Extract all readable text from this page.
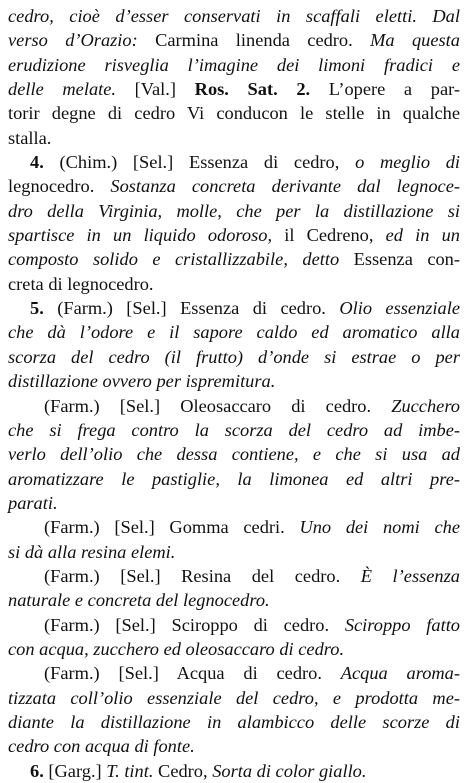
cedro, cioè d’esser conservati in scaffali eletti. Dal
verso d’Orazio: Carmina linenda cedro. Ma questa
erudizione risveglia l’imagine dei limoni fradici e
delle melate. [Val.] Ros. Sat. 2. L’opere a par-
torir degne di cedro Vi conducon le stelle in qualche
stalla.
4. (Chim.) [Sel.] Essenza di cedro, o meglio di
legnocedro. Sostanza concreta derivante dal legnoce-
dro della Virginia, molle, che per la distillazione si
spartisce in un liquido odoroso, il Cedreno, ed in un
composto solido e cristallizzabile, detto Essenza con-
creta di legnocedro.
5. (Farm.) [Sel.] Essenza di cedro. Olio essenziale
che dà l’odore e il sapore caldo ed aromatico alla
scorza del cedro (il frutto) d’onde si estrae o per
distillazione ovvero per ispremitura.
(Farm.) [Sel.] Oleosaccaro di cedro. Zucchero
che si frega contro la scorza del cedro ad imbe-
verlo dell’olio che dessa contiene, e che si usa ad
aromatizzare le pastiglie, la limonea ed altri pre-
parati.
(Farm.) [Sel.] Gomma cedri. Uno dei nomi che
si dà alla resina elemi.
(Farm.) [Sel.] Resina del cedro. È l’essenza
naturale e concreta del legnocedro.
(Farm.) [Sel.] Sciroppo di cedro. Sciroppo fatto
con acqua, zucchero ed oleosaccaro di cedro.
(Farm.) [Sel.] Acqua di cedro. Acqua aroma-
tizzata coll’olio essenziale del cedro, e prodotta me-
diante la distillazione in alambicco delle scorze di
cedro con acqua di fonte.
6. [Garg.] T. tint. Cedro, Sorta di color giallo.
